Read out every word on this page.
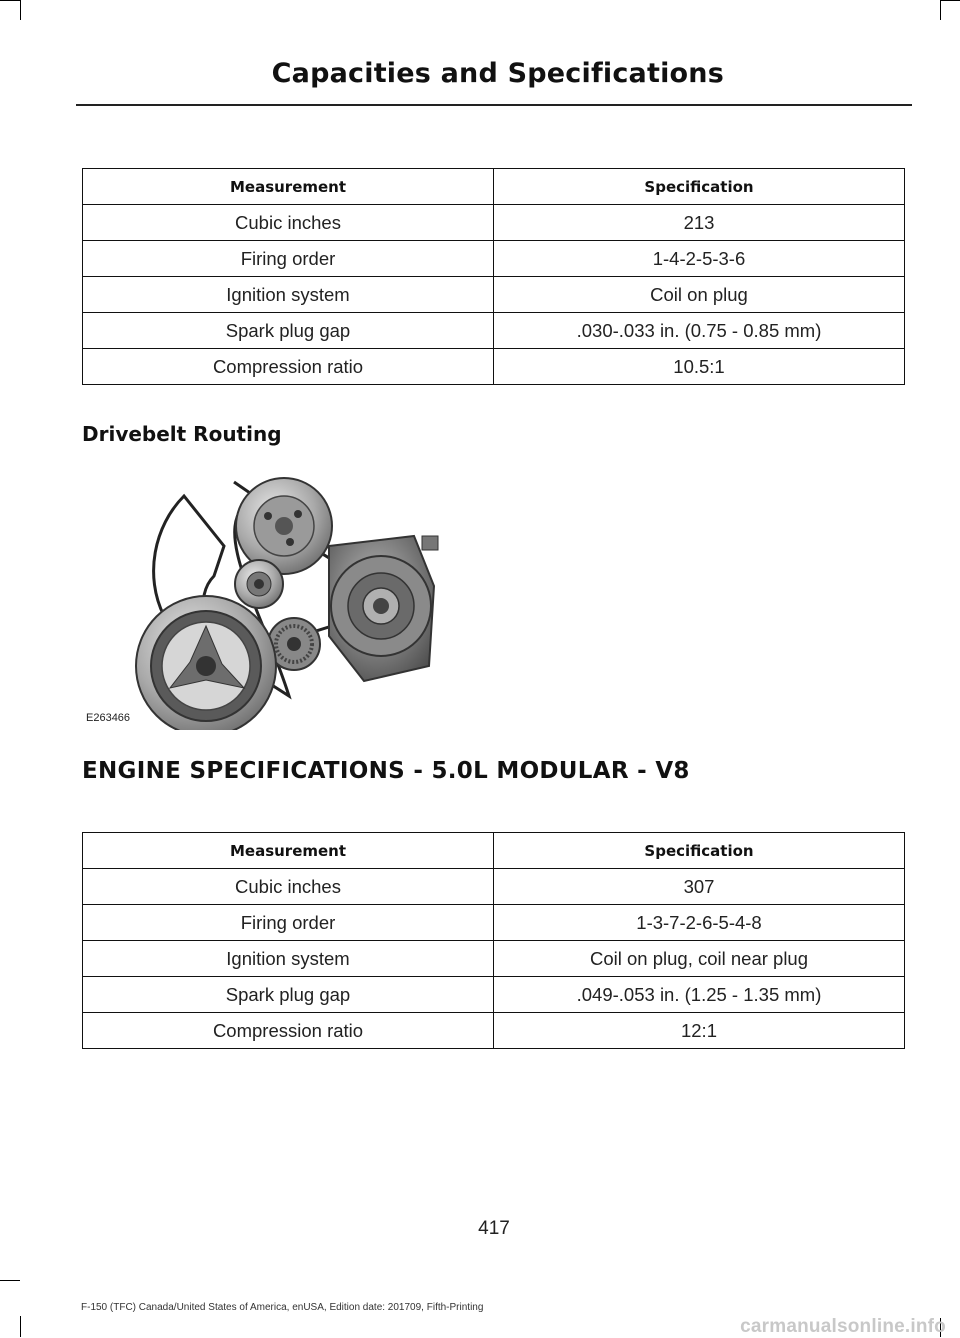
Capacities and Specifications
Measurement	Specification
Cubic inches	213
Firing order	1-4-2-5-3-6
Ignition system	Coil on plug
Spark plug gap	.030-.033 in. (0.75 - 0.85 mm)
Compression ratio	10.5:1
Drivebelt Routing
E263466
ENGINE SPECIFICATIONS - 5.0L MODULAR - V8
Measurement	Specification
Cubic inches	307
Firing order	1-3-7-2-6-5-4-8
Ignition system	Coil on plug, coil near plug
Spark plug gap	.049-.053 in. (1.25 - 1.35 mm)
Compression ratio	12:1
417
F-150 (TFC) Canada/United States of America, enUSA, Edition date: 201709, Fifth-Printing
carmanualsonline.info
